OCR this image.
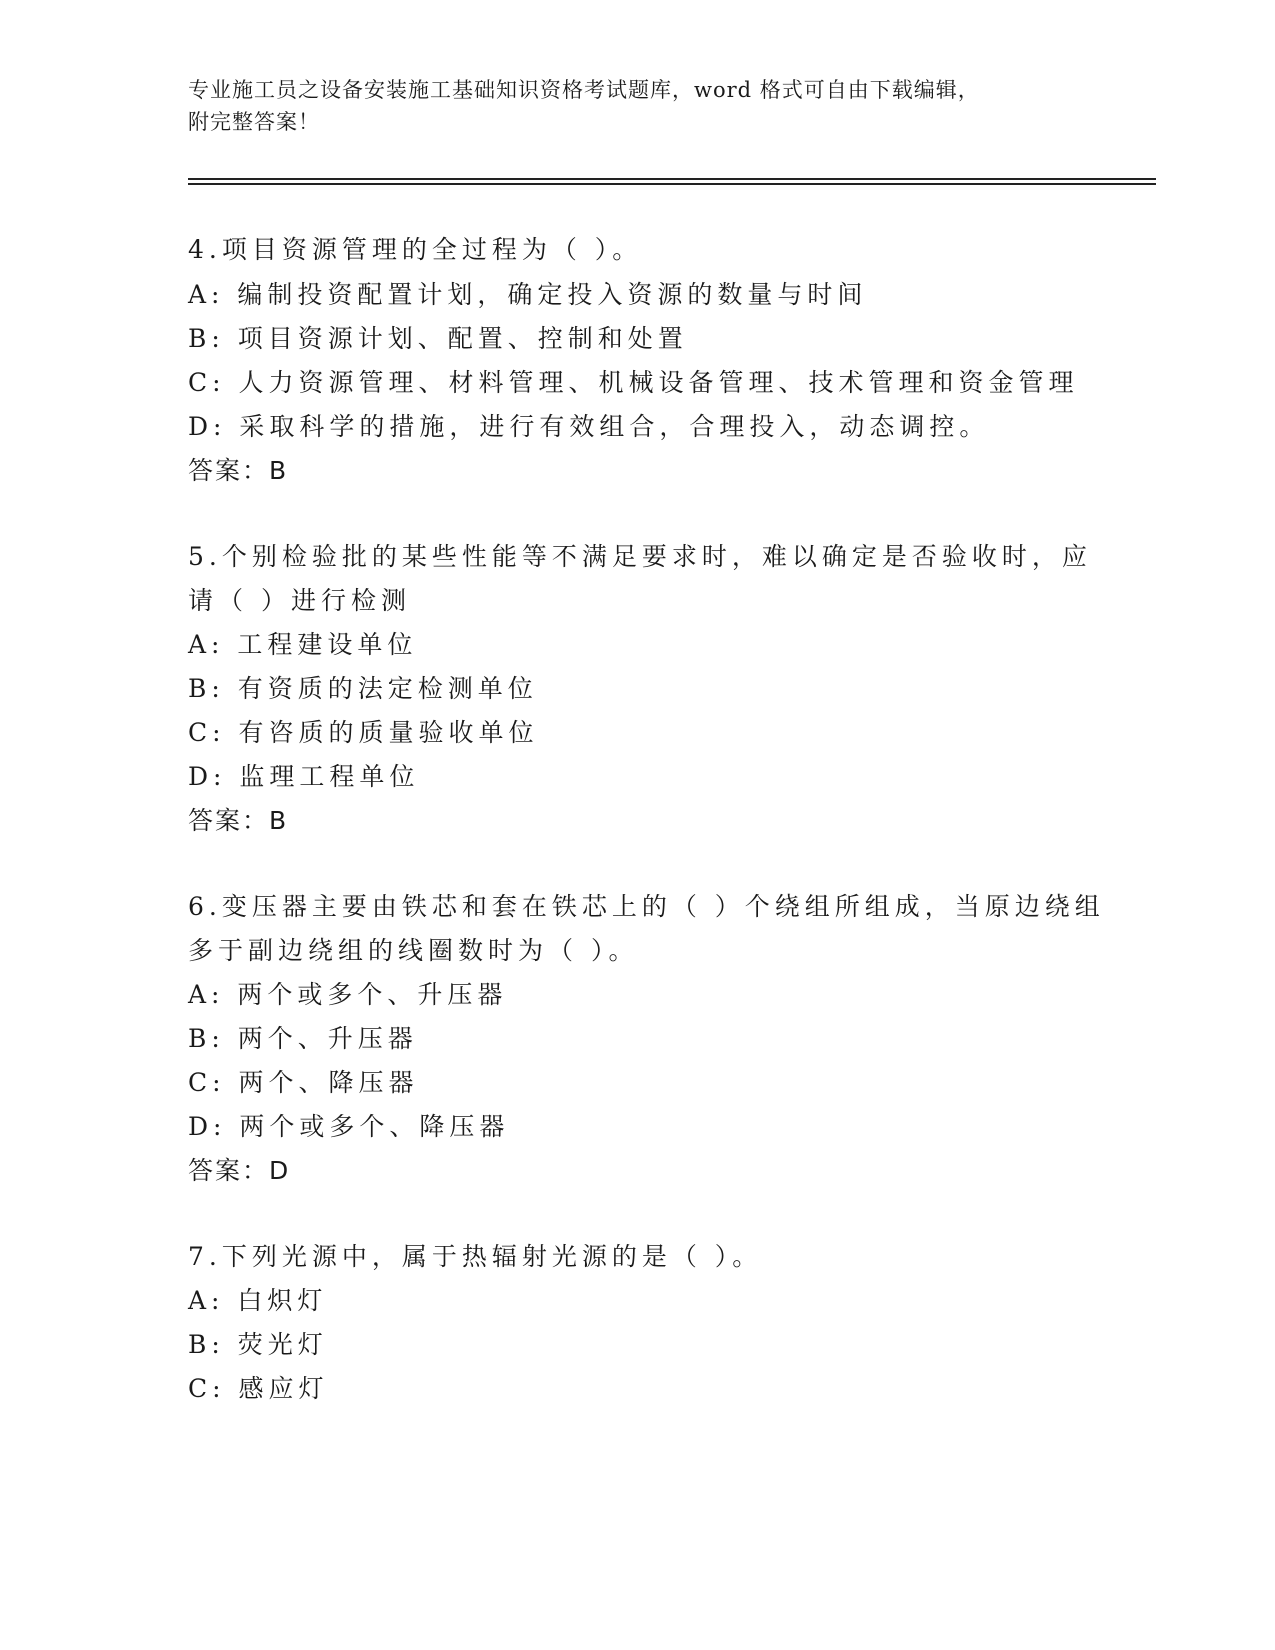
专业施工员之设备安装施工基础知识资格考试题库，word 格式可自由下载编辑，
附完整答案！
4.项目资源管理的全过程为（ ）。
A: 编制投资配置计划，确定投入资源的数量与时间
B: 项目资源计划、配置、控制和处置
C: 人力资源管理、材料管理、机械设备管理、技术管理和资金管理
D: 采取科学的措施，进行有效组合，合理投入，动态调控。
答案：B
5.个别检验批的某些性能等不满足要求时，难以确定是否验收时，应
请（ ）进行检测
A: 工程建设单位
B: 有资质的法定检测单位
C: 有咨质的质量验收单位
D: 监理工程单位
答案：B
6.变压器主要由铁芯和套在铁芯上的（ ）个绕组所组成，当原边绕组
多于副边绕组的线圈数时为（ ）。
A: 两个或多个、升压器
B: 两个、升压器
C: 两个、降压器
D: 两个或多个、降压器
答案：D
7.下列光源中，属于热辐射光源的是（ ）。
A: 白炽灯
B: 荧光灯
C: 感应灯
